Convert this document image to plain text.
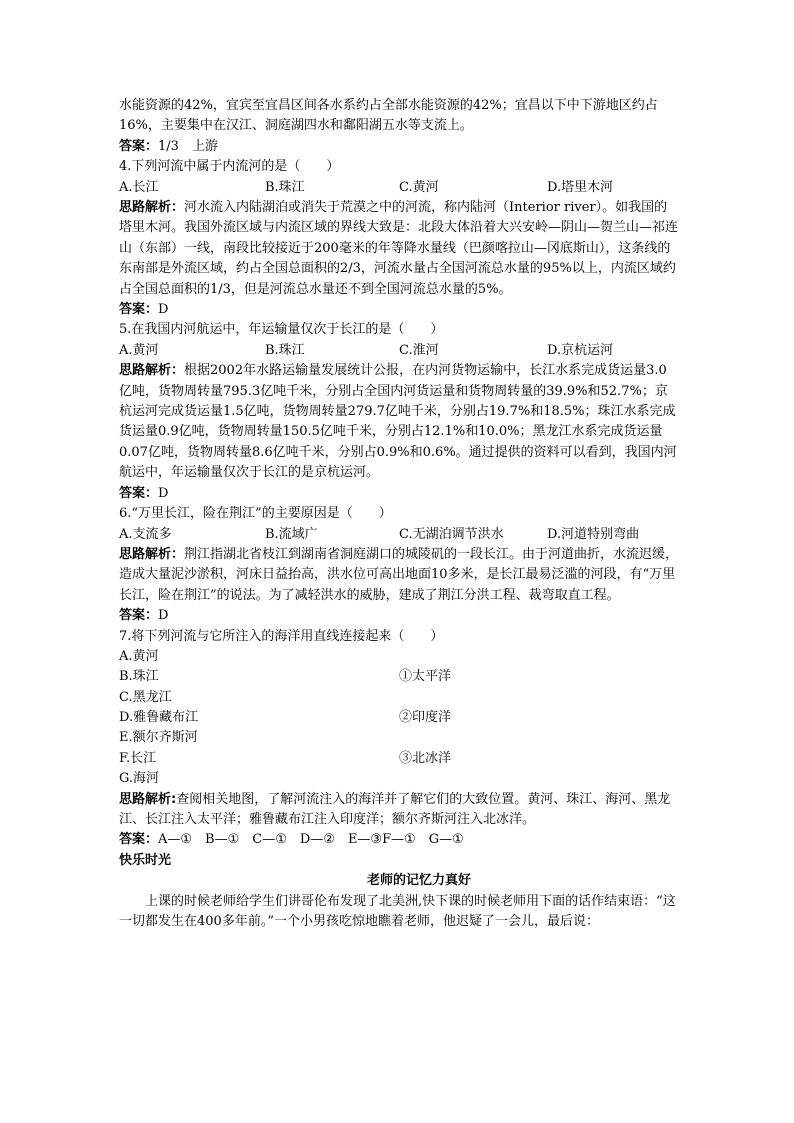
水能资源的42%，宜宾至宜昌区间各水系约占全部水能资源的42%；宜昌以下中下游地区约占16%，主要集中在汉江、洞庭湖四水和鄱阳湖五水等支流上。

答案：1/3　上游

4.下列河流中属于内流河的是（　　）

A.长江	B.珠江	C.黄河	D.塔里木河

思路解析：河水流入内陆湖泊或消失于荒漠之中的河流，称内陆河（Interior river）。如我国的塔里木河。我国外流区域与内流区域的界线大致是：北段大体沿着大兴安岭—阴山—贺兰山—祁连山（东部）一线，南段比较接近于200毫米的年等降水量线（巴颜喀拉山—冈底斯山），这条线的东南部是外流区域，约占全国总面积的2/3，河流水量占全国河流总水量的95%以上，内流区域约占全国总面积的1/3，但是河流总水量还不到全国河流总水量的5%。

答案：D

5.在我国内河航运中，年运输量仅次于长江的是（　　）

A.黄河	B.珠江	C.淮河	D.京杭运河

思路解析：根据2002年水路运输量发展统计公报，在内河货物运输中，长江水系完成货运量3.0亿吨，货物周转量795.3亿吨千米，分别占全国内河货运量和货物周转量的39.9%和52.7%；京杭运河完成货运量1.5亿吨，货物周转量279.7亿吨千米，分别占19.7%和18.5%；珠江水系完成货运量0.9亿吨，货物周转量150.5亿吨千米，分别占12.1%和10.0%；黑龙江水系完成货运量0.07亿吨，货物周转量8.6亿吨千米，分别占0.9%和0.6%。通过提供的资料可以看到，我国内河航运中，年运输量仅次于长江的是京杭运河。

答案：D

6.“万里长江，险在荆江”的主要原因是（　　）

A.支流多	B.流域广	C.无湖泊调节洪水	D.河道特别弯曲

思路解析：荆江指湖北省枝江到湖南省洞庭湖口的城陵矶的一段长江。由于河道曲折，水流迟缓，造成大量泥沙淤积，河床日益抬高，洪水位可高出地面10多米，是长江最易泛滥的河段，有“万里长江，险在荆江”的说法。为了减轻洪水的威胁，建成了荆江分洪工程、裁弯取直工程。

答案：D

7.将下列河流与它所注入的海洋用直线连接起来（　　）

A.黄河
B.珠江	①太平洋
C.黑龙江
D.雅鲁藏布江	②印度洋
E.额尔齐斯河
F.长江	③北冰洋
G.海河

思路解析:查阅相关地图，了解河流注入的海洋并了解它们的大致位置。黄河、珠江、海河、黑龙江、长江注入太平洋；雅鲁藏布江注入印度洋；额尔齐斯河注入北冰洋。

答案：A—①　B—①　C—①　D—②　E—③F—①　G—①

快乐时光

老师的记忆力真好

上课的时候老师给学生们讲哥伦布发现了北美洲,快下课的时候老师用下面的话作结束语：“这一切都发生在400多年前。”一个小男孩吃惊地瞧着老师，他迟疑了一会儿，最后说：
